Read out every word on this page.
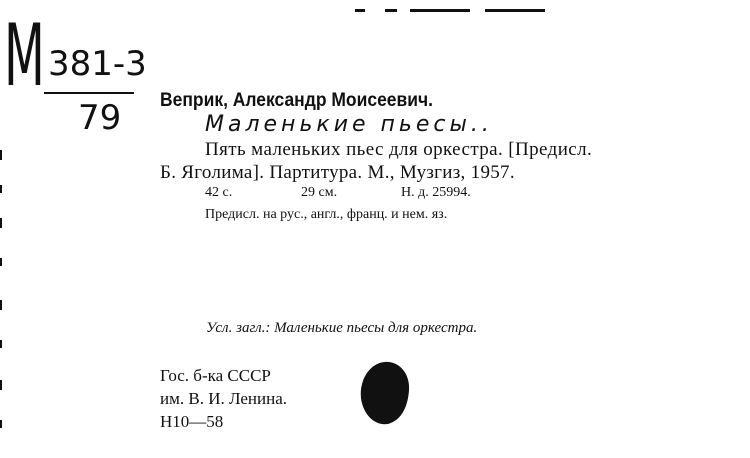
M 381-3
79 Веприк, Александр Моисеевич.
Маленькие пьесы..
Пять маленьких пьес для оркестра. [Предисл.
Б. Яголима]. Партитура. М., Музгиз, 1957.
42 с.	29 см.	Н. д. 25994.
Предисл. на рус., англ., франц. и нем. яз.
Усл. загл.: Маленькие пьесы для оркестра.
Гос. б-ка СССР
им. В. И. Ленина.
Н10—58
